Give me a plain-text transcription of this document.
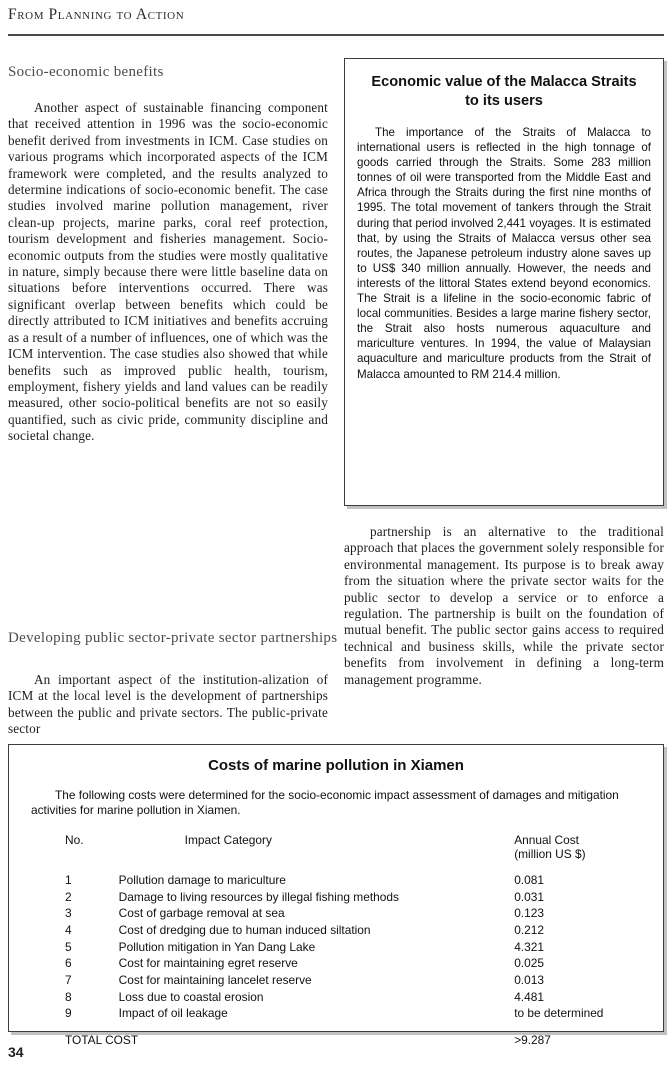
From Planning to Action
Socio-economic benefits

Another aspect of sustainable financing component that received attention in 1996 was the socio-economic benefit derived from investments in ICM. Case studies on various programs which incorporated aspects of the ICM framework were completed, and the results analyzed to determine indications of socio-economic benefit. The case studies involved marine pollution management, river clean-up projects, marine parks, coral reef protection, tourism development and fisheries management. Socio-economic outputs from the studies were mostly qualitative in nature, simply because there were little baseline data on situations before interventions occurred. There was significant overlap between benefits which could be directly attributed to ICM initiatives and benefits accruing as a result of a number of influences, one of which was the ICM intervention. The case studies also showed that while benefits such as improved public health, tourism, employment, fishery yields and land values can be readily measured, other socio-political benefits are not so easily quantified, such as civic pride, community discipline and societal change.

Developing public sector-private sector partnerships

An important aspect of the institution-alization of ICM at the local level is the development of partnerships between the public and private sectors. The public-private sector

partnership is an alternative to the traditional approach that places the government solely responsible for environmental management. Its purpose is to break away from the situation where the private sector waits for the public sector to develop a service or to enforce a regulation. The partnership is built on the foundation of mutual benefit. The public sector gains access to required technical and business skills, while the private sector benefits from involvement in defining a long-term management programme.

Economic value of the Malacca Straits to its users
The importance of the Straits of Malacca to international users is reflected in the high tonnage of goods carried through the Straits. Some 283 million tonnes of oil were transported from the Middle East and Africa through the Straits during the first nine months of 1995. The total movement of tankers through the Strait during that period involved 2,441 voyages. It is estimated that, by using the Straits of Malacca versus other sea routes, the Japanese petroleum industry alone saves up to US$ 340 million annually. However, the needs and interests of the littoral States extend beyond economics. The Strait is a lifeline in the socio-economic fabric of local communities. Besides a large marine fishery sector, the Strait also hosts numerous aquaculture and mariculture ventures. In 1994, the value of Malaysian aquaculture and mariculture products from the Strait of Malacca amounted to RM 214.4 million.
Costs of marine pollution in Xiamen
The following costs were determined for the socio-economic impact assessment of damages and mitigation activities for marine pollution in Xiamen.
No.	Impact Category	Annual Cost
(million US $)

1	Pollution damage to mariculture	0.081
2	Damage to living resources by illegal fishing methods	0.031
3	Cost of garbage removal at sea	0.123
4	Cost of dredging due to human induced siltation	0.212
5	Pollution mitigation in Yan Dang Lake	4.321
6	Cost for maintaining egret reserve	0.025
7	Cost for maintaining lancelet reserve	0.013
8	Loss due to coastal erosion	4.481
9	Impact of oil leakage	to be determined
TOTAL COST		>9.287
34
